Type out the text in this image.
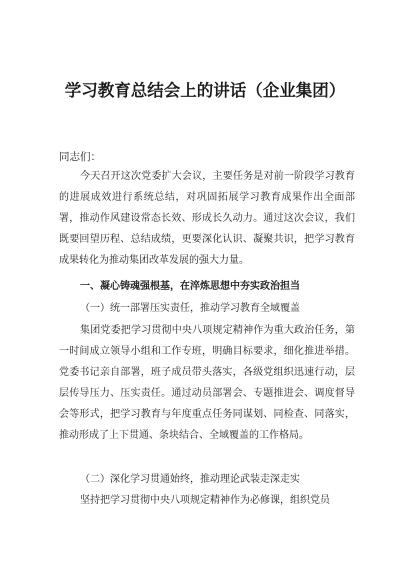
学习教育总结会上的讲话（企业集团）
同志们：

今天召开这次党委扩大会议，主要任务是对前一阶段学习教育的进展成效进行系统总结，对巩固拓展学习教育成果作出全面部署，推动作风建设常态长效、形成长久动力。通过这次会议，我们既要回望历程、总结成绩，更要深化认识、凝聚共识，把学习教育成果转化为推动集团改革发展的强大力量。

一、凝心铸魂强根基，在淬炼思想中夯实政治担当
（一）统一部署压实责任，推动学习教育全域覆盖

集团党委把学习贯彻中央八项规定精神作为重大政治任务，第一时间成立领导小组和工作专班，明确目标要求，细化推进举措。党委书记亲自部署，班子成员带头落实，各级党组织迅速行动，层层传导压力、压实责任。通过动员部署会、专题推进会、调度督导会等形式，把学习教育与年度重点任务同谋划、同检查、同落实，推动形成了上下贯通、条块结合、全域覆盖的工作格局。

（二）深化学习贯通始终，推动理论武装走深走实

坚持把学习贯彻中央八项规定精神作为必修课，组织党员
